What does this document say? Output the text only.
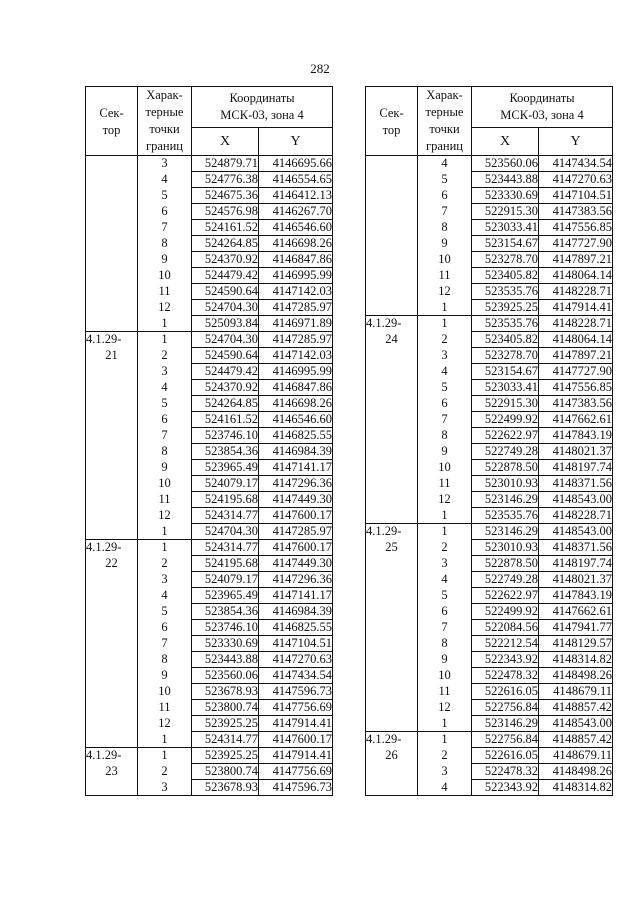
282
Сек-
тор	Харак-
терные
точки
границ	Координаты
МСК-03, зона 4	
		X	Y
	3	524879.71	4146695.66
	4	524776.38	4146554.65
	5	524675.36	4146412.13
	6	524576.98	4146267.70
	7	524161.52	4146546.60
	8	524264.85	4146698.26
	9	524370.92	4146847.86
	10	524479.42	4146995.99
	11	524590.64	4147142.03
	12	524704.30	4147285.97
	1	525093.84	4146971.89
4.1.29-	1	524704.30	4147285.97
21	2	524590.64	4147142.03
	3	524479.42	4146995.99
	4	524370.92	4146847.86
	5	524264.85	4146698.26
	6	524161.52	4146546.60
	7	523746.10	4146825.55
	8	523854.36	4146984.39
	9	523965.49	4147141.17
	10	524079.17	4147296.36
	11	524195.68	4147449.30
	12	524314.77	4147600.17
	1	524704.30	4147285.97
4.1.29-	1	524314.77	4147600.17
22	2	524195.68	4147449.30
	3	524079.17	4147296.36
	4	523965.49	4147141.17
	5	523854.36	4146984.39
	6	523746.10	4146825.55
	7	523330.69	4147104.51
	8	523443.88	4147270.63
	9	523560.06	4147434.54
	10	523678.93	4147596.73
	11	523800.74	4147756.69
	12	523925.25	4147914.41
	1	524314.77	4147600.17
4.1.29-	1	523925.25	4147914.41
23	2	523800.74	4147756.69
	3	523678.93	4147596.73
Сек-
тор	Харак-
терные
точки
границ	Координаты
МСК-03, зона 4	
		X	Y
	4	523560.06	4147434.54
	5	523443.88	4147270.63
	6	523330.69	4147104.51
	7	522915.30	4147383.56
	8	523033.41	4147556.85
	9	523154.67	4147727.90
	10	523278.70	4147897.21
	11	523405.82	4148064.14
	12	523535.76	4148228.71
	1	523925.25	4147914.41
4.1.29-	1	523535.76	4148228.71
24	2	523405.82	4148064.14
	3	523278.70	4147897.21
	4	523154.67	4147727.90
	5	523033.41	4147556.85
	6	522915.30	4147383.56
	7	522499.92	4147662.61
	8	522622.97	4147843.19
	9	522749.28	4148021.37
	10	522878.50	4148197.74
	11	523010.93	4148371.56
	12	523146.29	4148543.00
	1	523535.76	4148228.71
4.1.29-	1	523146.29	4148543.00
25	2	523010.93	4148371.56
	3	522878.50	4148197.74
	4	522749.28	4148021.37
	5	522622.97	4147843.19
	6	522499.92	4147662.61
	7	522084.56	4147941.77
	8	522212.54	4148129.57
	9	522343.92	4148314.82
	10	522478.32	4148498.26
	11	522616.05	4148679.11
	12	522756.84	4148857.42
	1	523146.29	4148543.00
4.1.29-	1	522756.84	4148857.42
26	2	522616.05	4148679.11
	3	522478.32	4148498.26
	4	522343.92	4148314.82
